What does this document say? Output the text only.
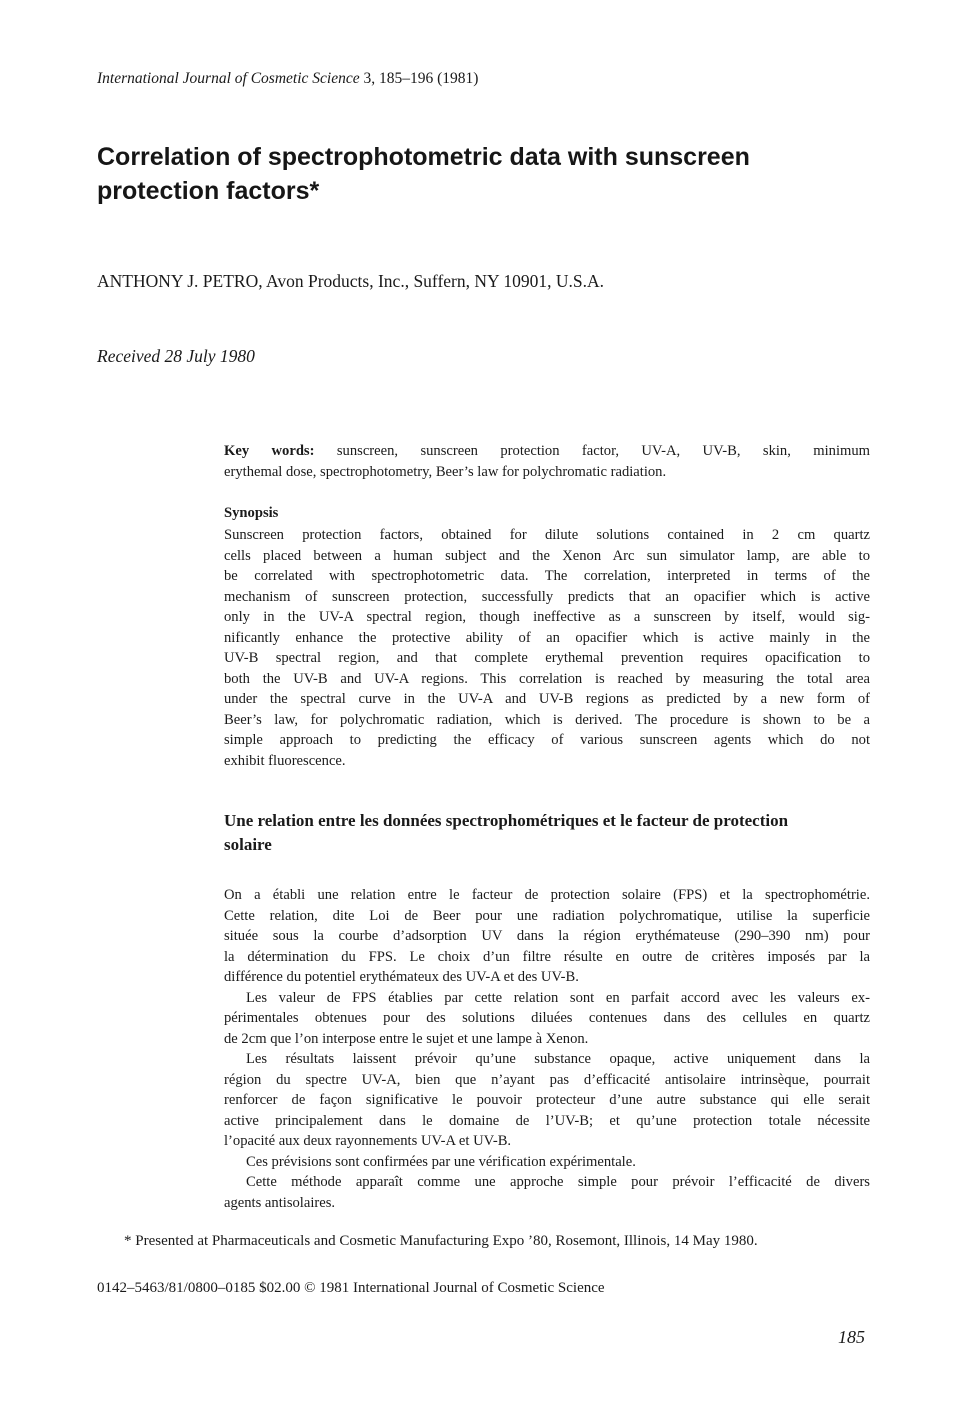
International Journal of Cosmetic Science 3, 185–196 (1981)
Correlation of spectrophotometric data with sunscreen
protection factors*
ANTHONY J. PETRO, Avon Products, Inc., Suffern, NY 10901, U.S.A.
Received 28 July 1980
Key words: sunscreen, sunscreen protection factor, UV-A, UV-B, skin, minimum
erythemal dose, spectrophotometry, Beer’s law for polychromatic radiation.
Synopsis
Sunscreen protection factors, obtained for dilute solutions contained in 2 cm quartz
cells placed between a human subject and the Xenon Arc sun simulator lamp, are able to
be correlated with spectrophotometric data. The correlation, interpreted in terms of the
mechanism of sunscreen protection, successfully predicts that an opacifier which is active
only in the UV-A spectral region, though ineffective as a sunscreen by itself, would sig-
nificantly enhance the protective ability of an opacifier which is active mainly in the
UV-B spectral region, and that complete erythemal prevention requires opacification to
both the UV-B and UV-A regions. This correlation is reached by measuring the total area
under the spectral curve in the UV-A and UV-B regions as predicted by a new form of
Beer’s law, for polychromatic radiation, which is derived. The procedure is shown to be a
simple approach to predicting the efficacy of various sunscreen agents which do not
exhibit fluorescence.
Une relation entre les données spectrophométriques et le facteur de protection
solaire
On a établi une relation entre le facteur de protection solaire (FPS) et la spectrophométrie.
Cette relation, dite Loi de Beer pour une radiation polychromatique, utilise la superficie
située sous la courbe d’adsorption UV dans la région erythémateuse (290–390 nm) pour
la détermination du FPS. Le choix d’un filtre résulte en outre de critères imposés par la
différence du potentiel erythémateux des UV-A et des UV-B.
Les valeur de FPS établies par cette relation sont en parfait accord avec les valeurs ex-
périmentales obtenues pour des solutions diluées contenues dans des cellules en quartz
de 2cm que l’on interpose entre le sujet et une lampe à Xenon.
Les résultats laissent prévoir qu’une substance opaque, active uniquement dans la
région du spectre UV-A, bien que n’ayant pas d’efficacité antisolaire intrinsèque, pourrait
renforcer de façon significative le pouvoir protecteur d’une autre substance qui elle serait
active principalement dans le domaine de l’UV-B; et qu’une protection totale nécessite
l’opacité aux deux rayonnements UV-A et UV-B.
Ces prévisions sont confirmées par une vérification expérimentale.
Cette méthode apparaît comme une approche simple pour prévoir l’efficacité de divers
agents antisolaires.
* Presented at Pharmaceuticals and Cosmetic Manufacturing Expo ’80, Rosemont, Illinois, 14 May 1980.
0142–5463/81/0800–0185 $02.00 © 1981 International Journal of Cosmetic Science
185
